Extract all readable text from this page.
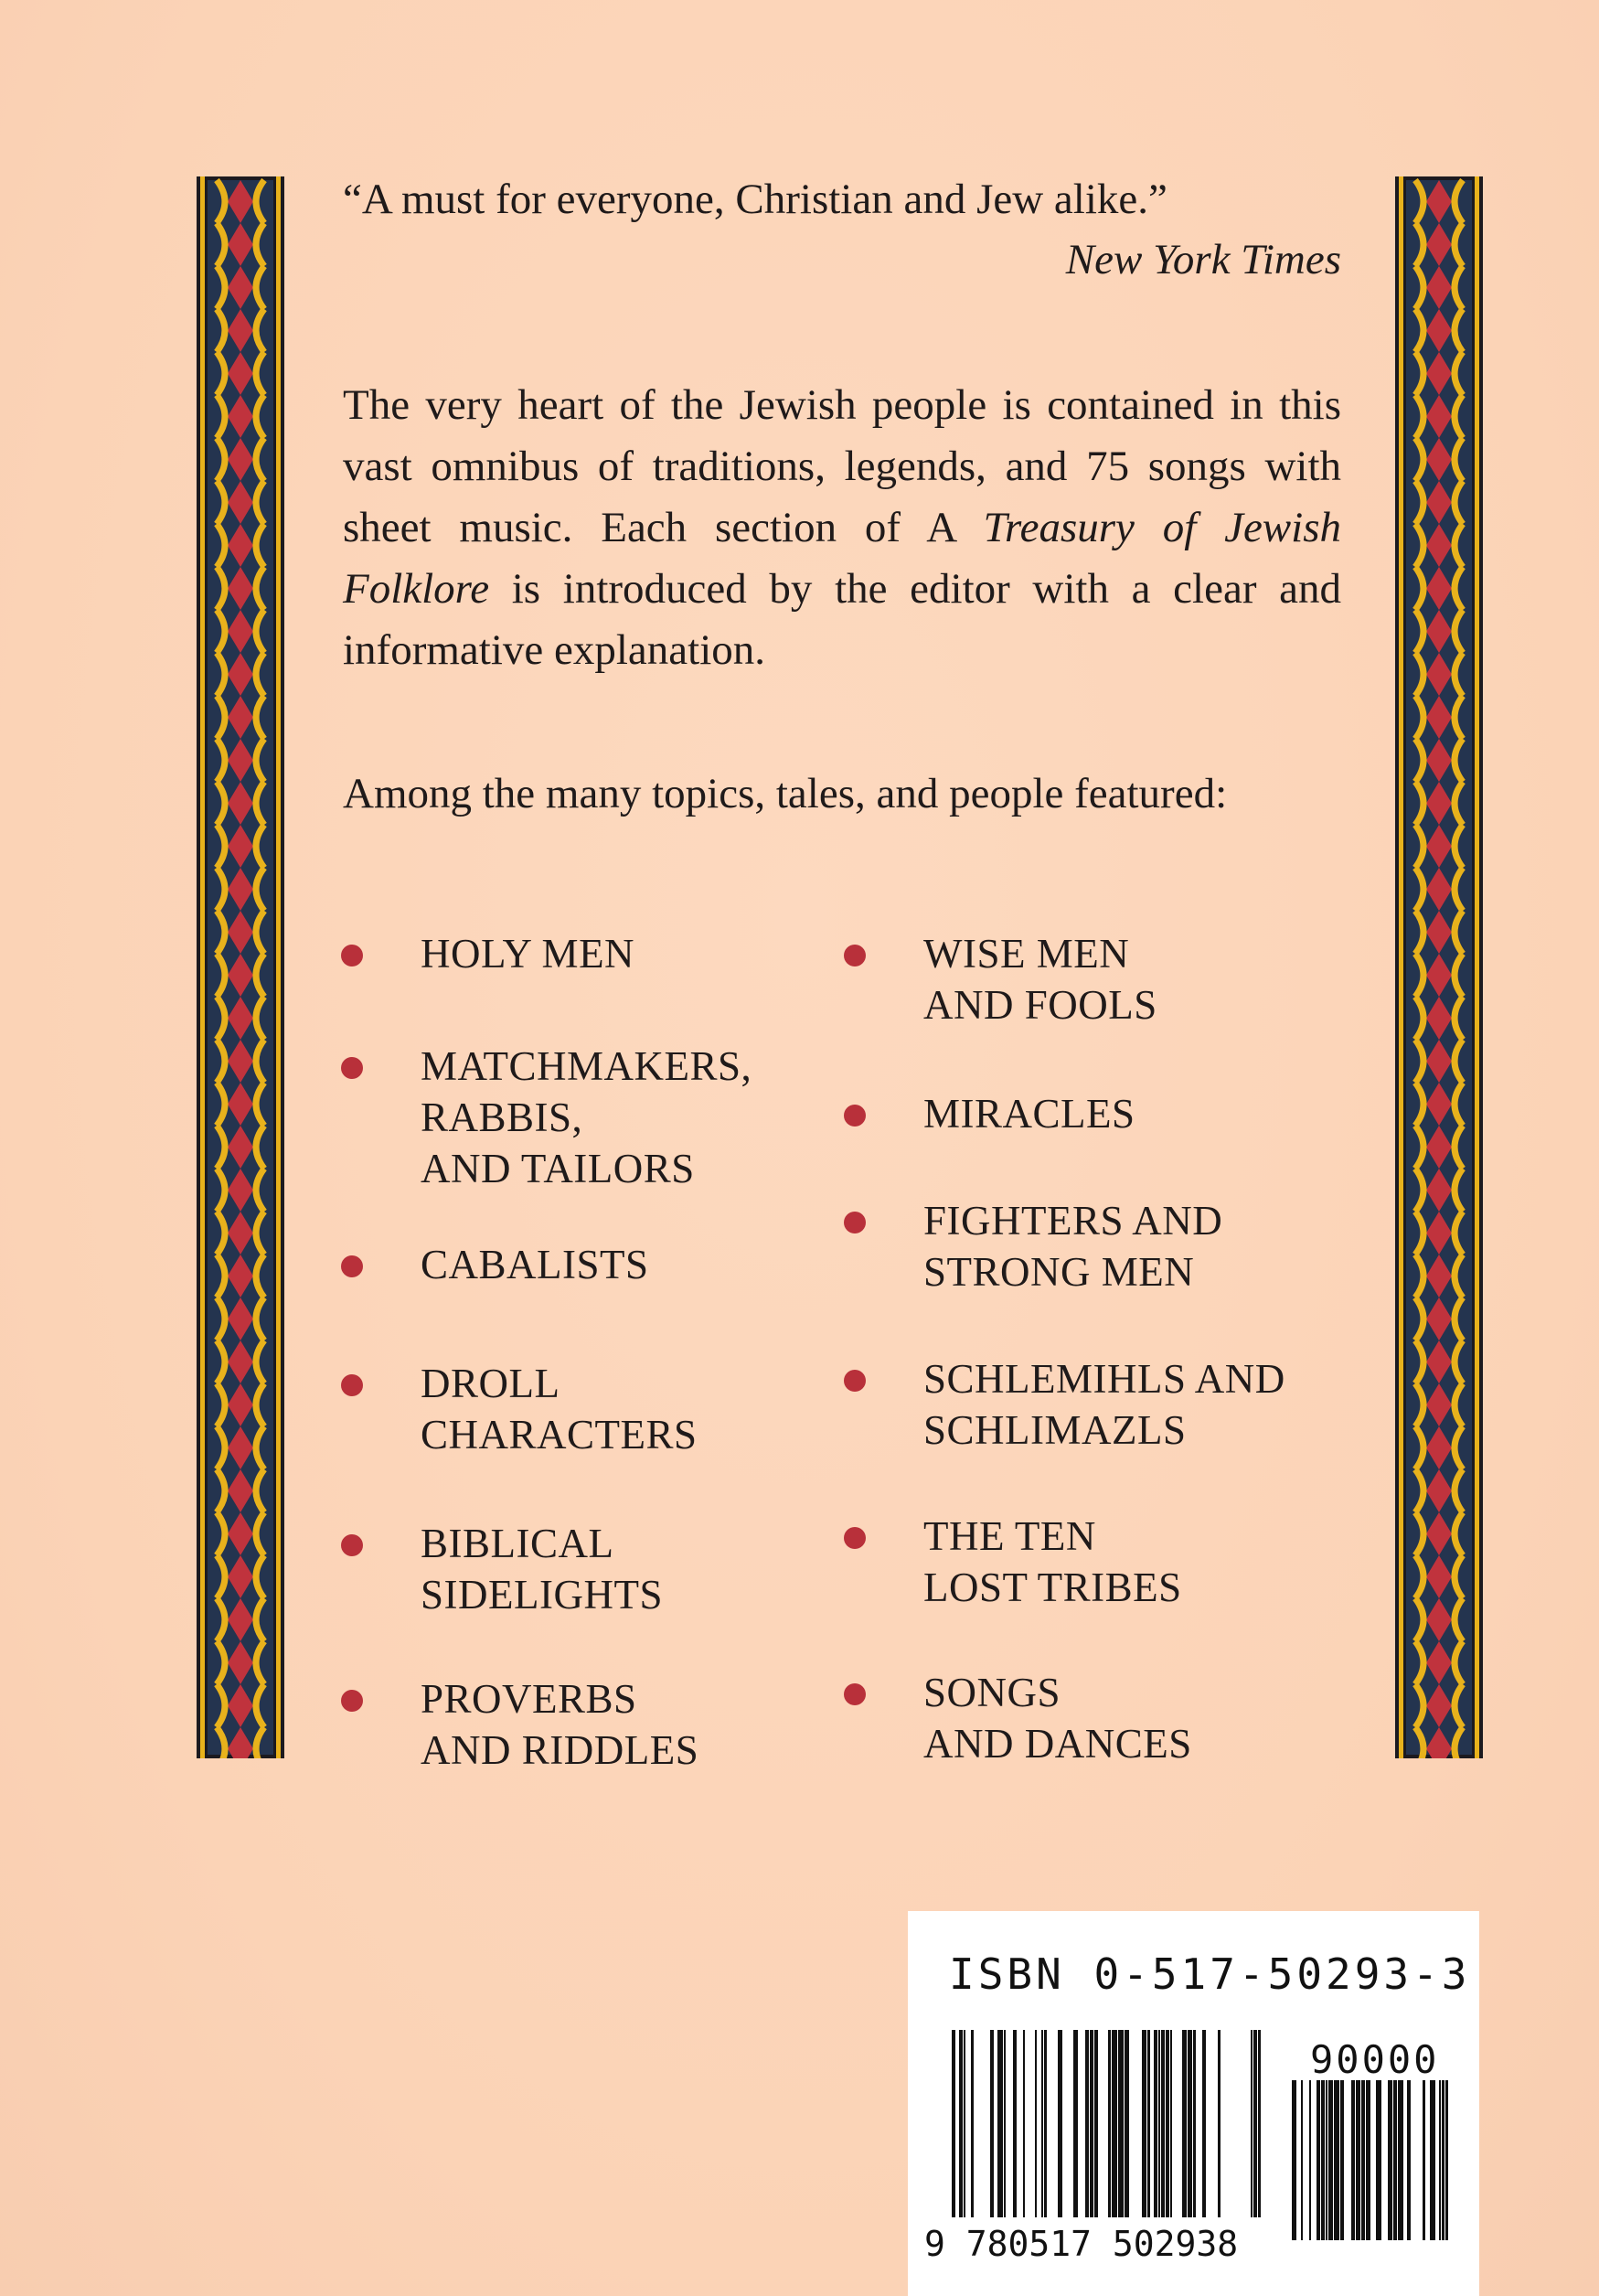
“A must for everyone, Christian and Jew alike.”
New York Times
The very heart of the Jewish people is contained in this vast omnibus of traditions, legends, and 75 songs with sheet music. Each section of A Treasury of Jewish Folklore is introduced by the editor with a clear and informative explanation.
Among the many topics, tales, and people featured:
HOLY MEN
MATCHMAKERS,
RABBIS,
AND TAILORS
CABALISTS
DROLL
CHARACTERS
BIBLICAL
SIDELIGHTS
PROVERBS
AND RIDDLES
WISE MEN
AND FOOLS
MIRACLES
FIGHTERS AND
STRONG MEN
SCHLEMIHLS AND
SCHLIMAZLS
THE TEN
LOST TRIBES
SONGS
AND DANCES
ISBN 0-517-50293-3
90000
9 780517 502938
